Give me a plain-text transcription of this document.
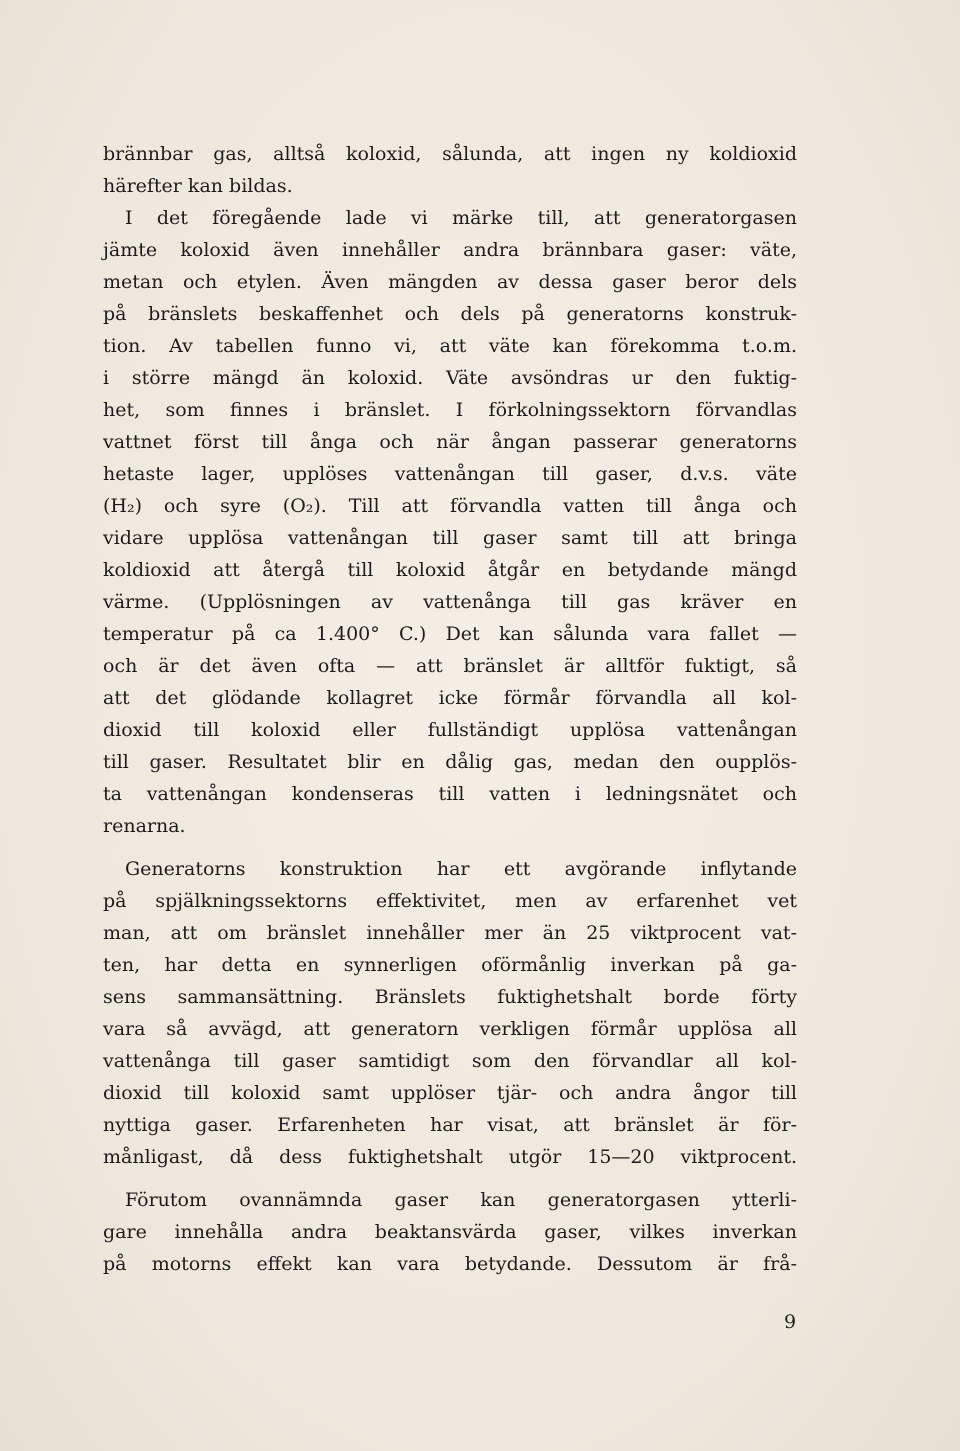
brännbar gas, alltså koloxid, sålunda, att ingen ny koldioxid
härefter kan bildas.
I det föregående lade vi märke till, att generatorgasen
jämte koloxid även innehåller andra brännbara gaser: väte,
metan och etylen. Även mängden av dessa gaser beror dels
på bränslets beskaffenhet och dels på generatorns konstruk-
tion. Av tabellen funno vi, att väte kan förekomma t.o.m.
i större mängd än koloxid. Väte avsöndras ur den fuktig-
het, som finnes i bränslet. I förkolningssektorn förvandlas
vattnet först till ånga och när ångan passerar generatorns
hetaste lager, upplöses vattenångan till gaser, d.v.s. väte
(H₂) och syre (O₂). Till att förvandla vatten till ånga och
vidare upplösa vattenångan till gaser samt till att bringa
koldioxid att återgå till koloxid åtgår en betydande mängd
värme. (Upplösningen av vattenånga till gas kräver en
temperatur på ca 1.400° C.) Det kan sålunda vara fallet —
och är det även ofta — att bränslet är alltför fuktigt, så
att det glödande kollagret icke förmår förvandla all kol-
dioxid till koloxid eller fullständigt upplösa vattenångan
till gaser. Resultatet blir en dålig gas, medan den oupplös-
ta vattenångan kondenseras till vatten i ledningsnätet och
renarna.
Generatorns konstruktion har ett avgörande inflytande
på spjälkningssektorns effektivitet, men av erfarenhet vet
man, att om bränslet innehåller mer än 25 viktprocent vat-
ten, har detta en synnerligen oförmånlig inverkan på ga-
sens sammansättning. Bränslets fuktighetshalt borde förty
vara så avvägd, att generatorn verkligen förmår upplösa all
vattenånga till gaser samtidigt som den förvandlar all kol-
dioxid till koloxid samt upplöser tjär- och andra ångor till
nyttiga gaser. Erfarenheten har visat, att bränslet är för-
månligast, då dess fuktighetshalt utgör 15—20 viktprocent.
Förutom ovannämnda gaser kan generatorgasen ytterli-
gare innehålla andra beaktansvärda gaser, vilkes inverkan
på motorns effekt kan vara betydande. Dessutom är frå-
9
